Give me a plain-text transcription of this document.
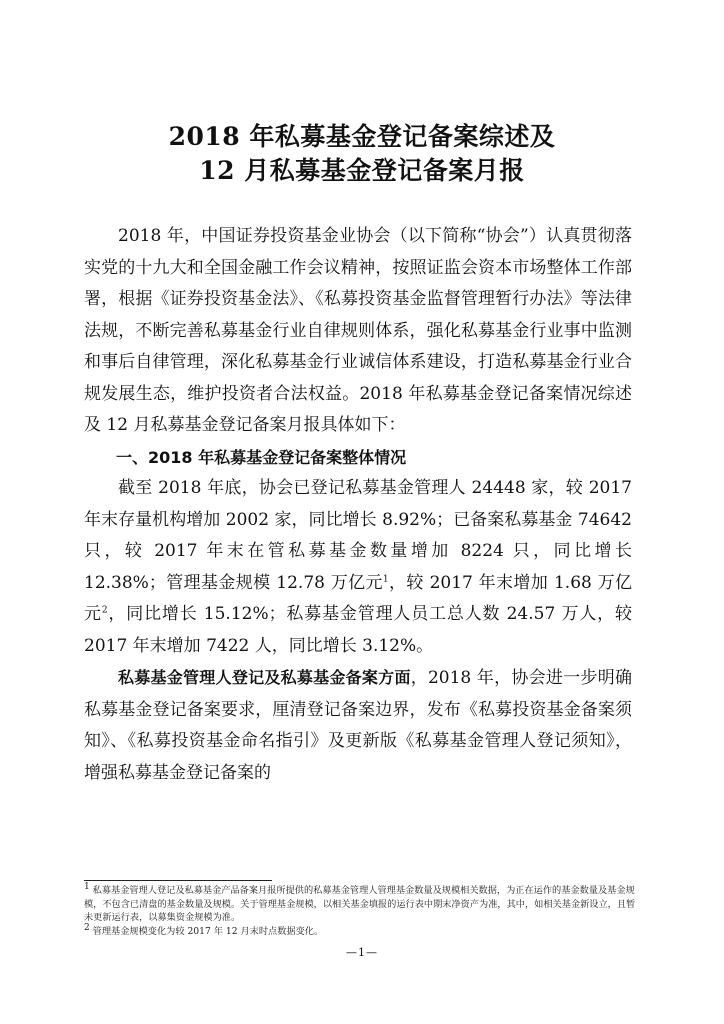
2018 年私募基金登记备案综述及
12 月私募基金登记备案月报

2018 年，中国证券投资基金业协会（以下简称“协会”）认真贯彻落实党的十九大和全国金融工作会议精神，按照证监会资本市场整体工作部署，根据《证券投资基金法》、《私募投资基金监督管理暂行办法》等法律法规，不断完善私募基金行业自律规则体系，强化私募基金行业事中监测和事后自律管理，深化私募基金行业诚信体系建设，打造私募基金行业合规发展生态，维护投资者合法权益。2018 年私募基金登记备案情况综述及 12 月私募基金登记备案月报具体如下：

一、2018 年私募基金登记备案整体情况

截至 2018 年底，协会已登记私募基金管理人 24448 家，较 2017 年末存量机构增加 2002 家，同比增长 8.92%；已备案私募基金 74642 只，较 2017 年末在管私募基金数量增加 8224 只，同比增长 12.38%；管理基金规模 12.78 万亿元$^1$，较 2017 年末增加 1.68 万亿元$^2$，同比增长 15.12%；私募基金管理人员工总人数 24.57 万人，较 2017 年末增加 7422 人，同比增长 3.12%。

私募基金管理人登记及私募基金备案方面，2018 年，协会进一步明确私募基金登记备案要求，厘清登记备案边界，发布《私募投资基金备案须知》、《私募投资基金命名指引》及更新版《私募基金管理人登记须知》，增强私募基金登记备案的

$^1$ 私募基金管理人登记及私募基金产品备案月报所提供的私募基金管理人管理基金数量及规模相关数据，为正在运作的基金数量及基金规模，不包含已清盘的基金数量及规模。关于管理基金规模，以相关基金填报的运行表中期末净资产为准，其中，如相关基金新设立，且暂未更新运行表，以募集资金规模为准。

$^2$ 管理基金规模变化为较 2017 年 12 月末时点数据变化。

—1—
